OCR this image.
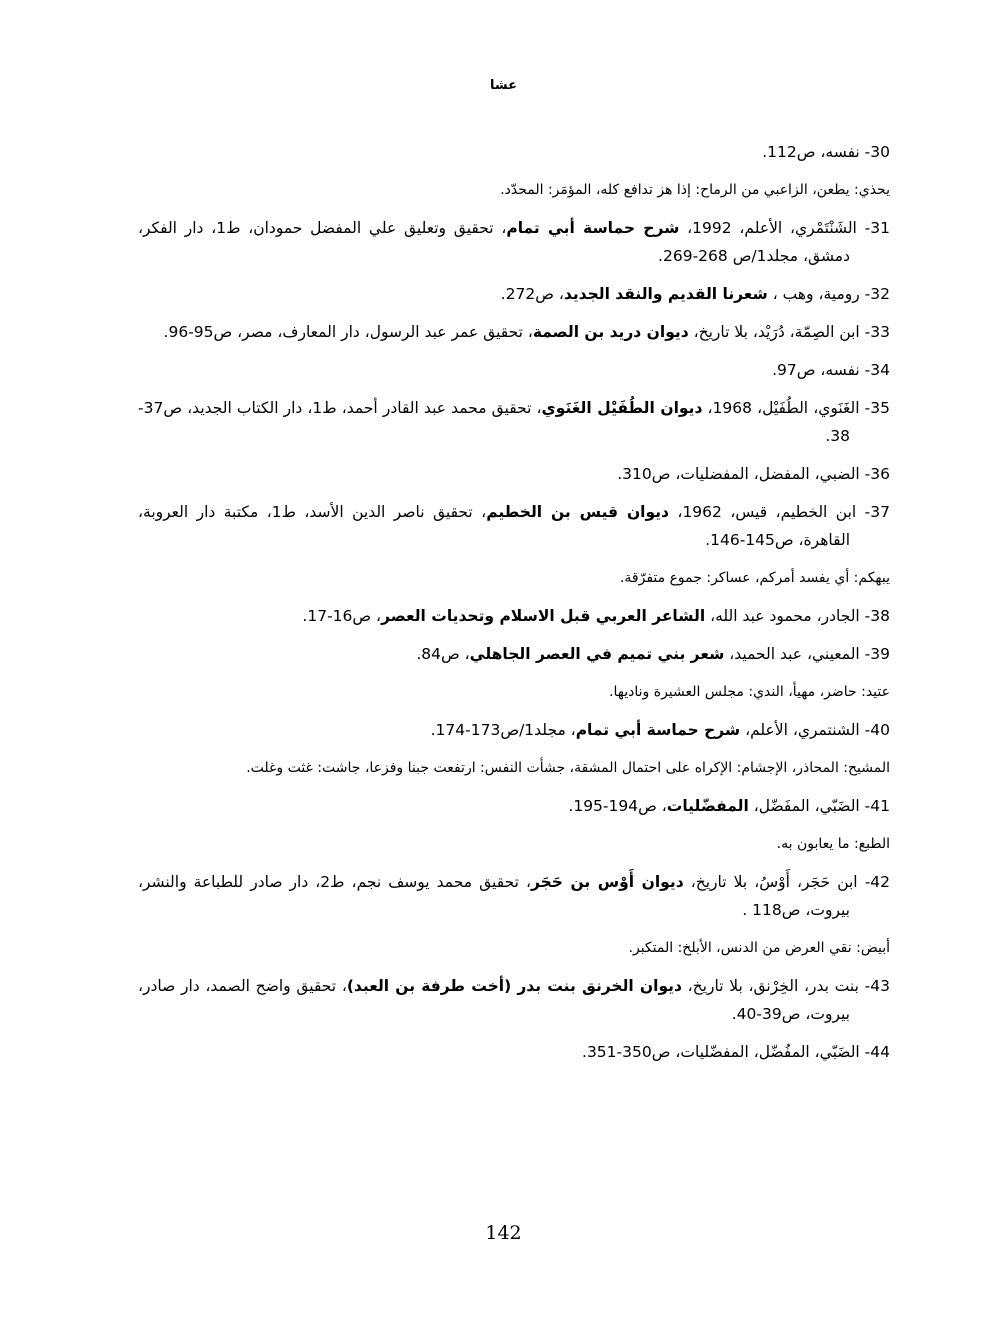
عشا

30- نفسه، ص112.

يحذي: يطعن، الزاعبي من الرماح: إذا هز تدافع كله، المؤمَر: المحدّد.

31- الشَنْتَمْري، الأعلم، 1992، شرح حماسة أبي تمام، تحقيق وتعليق علي المفضل حمودان، ط1، دار الفكر، دمشق، مجلد1/ص 268-269.

32- رومية، وهب ، شعرنا القديم والنقد الجديد، ص272.

33- ابن الصِمّة، دُرَيْد، بلا تاريخ، ديوان دريد بن الصمة، تحقيق عمر عبد الرسول، دار المعارف، مصر، ص95-96.

34- نفسه، ص97.

35- الغَنَوي، الطُفَيْل، 1968، ديوان الطُفَيْل الغَنَوي، تحقيق محمد عبد القادر أحمد، ط1، دار الكتاب الجديد، ص37-38.

36- الضبي، المفضل، المفضليات، ص310.

37- ابن الخطيم، قيس، 1962، ديوان قيس بن الخطيم، تحقيق ناصر الدين الأسد، ط1، مكتبة دار العروبة، القاهرة، ص145-146.

يبهكم: أي يفسد أمركم، عساكر: جموع متفرّقة.

38- الجادر، محمود عبد الله، الشاعر العربي قبل الاسلام وتحديات العصر، ص16-17.

39- المعيني، عبد الحميد، شعر بني تميم في العصر الجاهلي، ص84.

عتيد: حاضر، مهيأ، الندي: مجلس العشيرة وناديها.

40- الشنتمري، الأعلم، شرح حماسة أبي تمام، مجلد1/ص173-174.

المشيح: المحاذر، الإجشام: الإكراه على احتمال المشقة، جشأت النفس: ارتفعت جبنا وفزعا، جاشت: غثت وغلت.

41- الضَبّي، المفَضّل، المفضّليات، ص194-195.

الطبع: ما يعابون به.

42- ابن حَجَر، أَوْسُ، بلا تاريخ، ديوان أَوْس بن حَجَر، تحقيق محمد يوسف نجم، ط2، دار صادر للطباعة والنشر، بيروت، ص118 .

أبيض: نقي العرض من الدنس، الأبلخ: المتكبر.

43- بنت بدر، الخِرْنق، بلا تاريخ، ديوان الخرنق بنت بدر (أخت طرفة بن العبد)، تحقيق واضح الصمد، دار صادر، بيروت، ص39-40.

44- الضَبّي، المفُضّل، المفضّليات، ص350-351.

142
